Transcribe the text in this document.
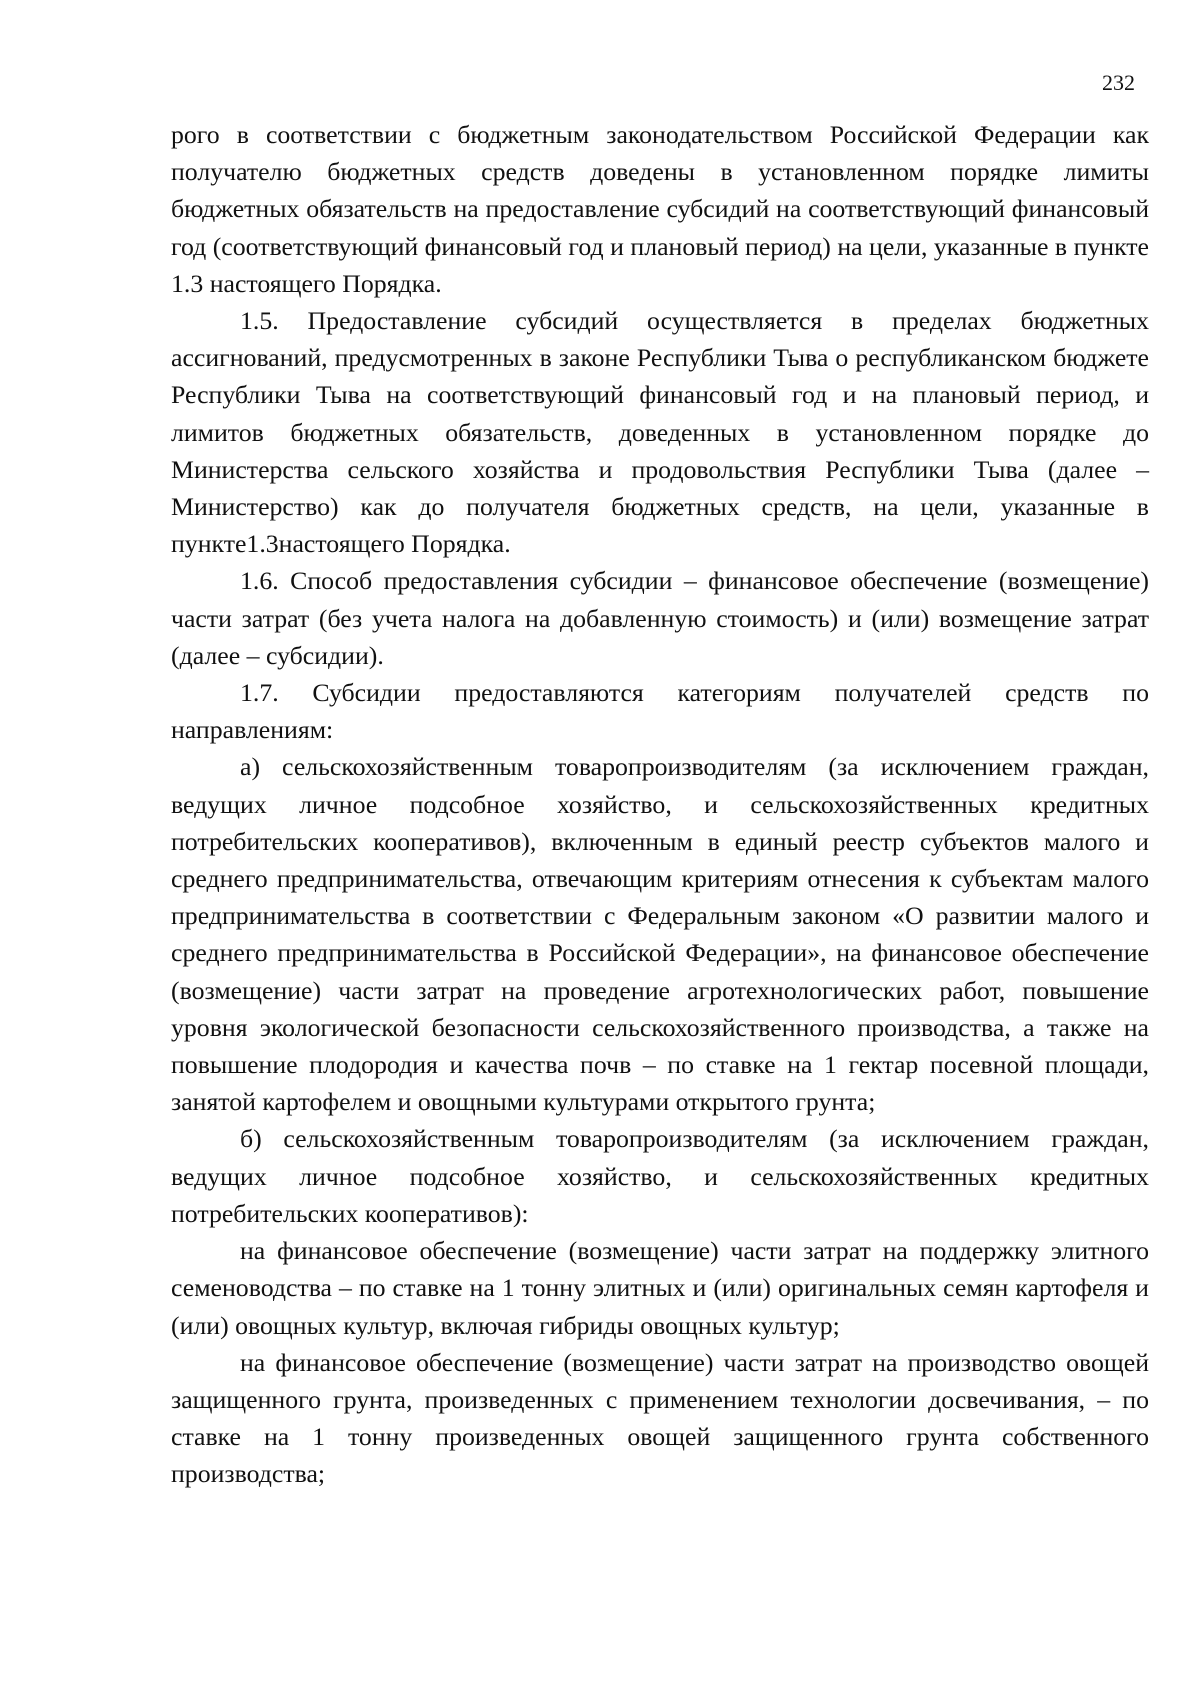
232

рого в соответствии с бюджетным законодательством Российской Федерации как получателю бюджетных средств доведены в установленном порядке лимиты бюджетных обязательств на предоставление субсидий на соответствующий финансовый год (соответствующий финансовый год и плановый период) на цели, указанные в пункте 1.3 настоящего Порядка.

1.5. Предоставление субсидий осуществляется в пределах бюджетных ассигнований, предусмотренных в законе Республики Тыва о республиканском бюджете Республики Тыва на соответствующий финансовый год и на плановый период, и лимитов бюджетных обязательств, доведенных в установленном порядке до Министерства сельского хозяйства и продовольствия Республики Тыва (далее – Министерство) как до получателя бюджетных средств, на цели, указанные в пункте1.3настоящего Порядка.

1.6. Способ предоставления субсидии – финансовое обеспечение (возмещение) части затрат (без учета налога на добавленную стоимость) и (или) возмещение затрат (далее – субсидии).

1.7. Субсидии предоставляются категориям получателей средств по направлениям:

а) сельскохозяйственным товаропроизводителям (за исключением граждан, ведущих личное подсобное хозяйство, и сельскохозяйственных кредитных потребительских кооперативов), включенным в единый реестр субъектов малого и среднего предпринимательства, отвечающим критериям отнесения к субъектам малого предпринимательства в соответствии с Федеральным законом «О развитии малого и среднего предпринимательства в Российской Федерации», на финансовое обеспечение (возмещение) части затрат на проведение агротехнологических работ, повышение уровня экологической безопасности сельскохозяйственного производства, а также на повышение плодородия и качества почв – по ставке на 1 гектар посевной площади, занятой картофелем и овощными культурами открытого грунта;

б) сельскохозяйственным товаропроизводителям (за исключением граждан, ведущих личное подсобное хозяйство, и сельскохозяйственных кредитных потребительских кооперативов):

на финансовое обеспечение (возмещение) части затрат на поддержку элитного семеноводства – по ставке на 1 тонну элитных и (или) оригинальных семян картофеля и (или) овощных культур, включая гибриды овощных культур;

на финансовое обеспечение (возмещение) части затрат на производство овощей защищенного грунта, произведенных с применением технологии досвечивания, – по ставке на 1 тонну произведенных овощей защищенного грунта собственного производства;
